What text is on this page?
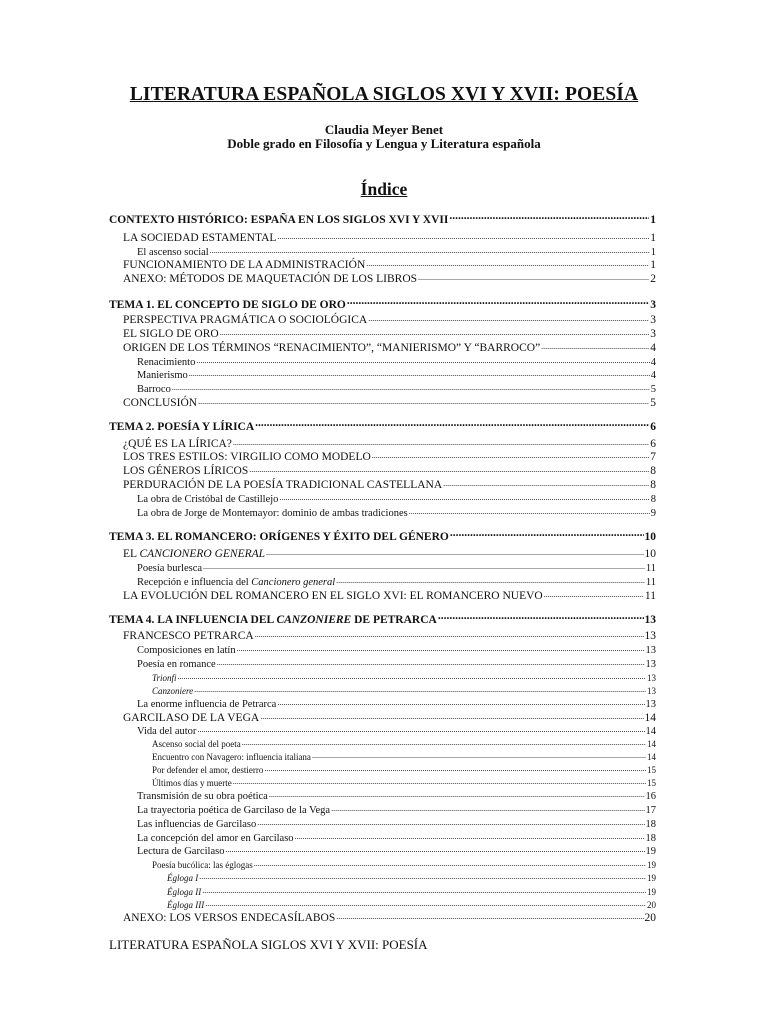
LITERATURA ESPAÑOLA SIGLOS XVI Y XVII: POESÍA
Claudia Meyer Benet
Doble grado en Filosofía y Lengua y Literatura española
Índice
CONTEXTO HISTÓRICO: ESPAÑA EN LOS SIGLOS XVI Y XVII .....	1
LA SOCIEDAD ESTAMENTAL .....	1
El ascenso social .....	1
FUNCIONAMIENTO DE LA ADMINISTRACIÓN .....	1
ANEXO: MÉTODOS DE MAQUETACIÓN DE LOS LIBROS .....	2
TEMA 1. EL CONCEPTO DE SIGLO DE ORO .....	3
PERSPECTIVA PRAGMÁTICA O SOCIOLÓGICA .....	3
EL SIGLO DE ORO .....	3
ORIGEN DE LOS TÉRMINOS “RENACIMIENTO”, “MANIERISMO” Y “BARROCO” .....	4
Renacimiento .....	4
Manierismo .....	4
Barroco .....	5
CONCLUSIÓN .....	5
TEMA 2. POESÍA Y LÍRICA .....	6
¿QUÉ ES LA LÍRICA? .....	6
LOS TRES ESTILOS: VIRGILIO COMO MODELO .....	7
LOS GÉNEROS LÍRICOS .....	8
PERDURACIÓN DE LA POESÍA TRADICIONAL CASTELLANA .....	8
La obra de Cristóbal de Castillejo .....	8
La obra de Jorge de Montemayor: dominio de ambas tradiciones .....	9
TEMA 3. EL ROMANCERO: ORÍGENES Y ÉXITO DEL GÉNERO .....	10
EL CANCIONERO GENERAL .....	10
Poesía burlesca .....	11
Recepción e influencia del Cancionero general .....	11
LA EVOLUCIÓN DEL ROMANCERO EN EL SIGLO XVI: EL ROMANCERO NUEVO .....	11
TEMA 4. LA INFLUENCIA DEL CANZONIERE DE PETRARCA .....	13
FRANCESCO PETRARCA .....	13
Composiciones en latín .....	13
Poesía en romance .....	13
Trionfi .....	13
Canzoniere .....	13
La enorme influencia de Petrarca .....	13
GARCILASO DE LA VEGA .....	14
Vida del autor .....	14
Ascenso social del poeta .....	14
Encuentro con Navagero: influencia italiana .....	14
Por defender el amor, destierro .....	15
Últimos días y muerte .....	15
Transmisión de su obra poética .....	16
La trayectoria poética de Garcilaso de la Vega .....	17
Las influencias de Garcilaso .....	18
La concepción del amor en Garcilaso .....	18
Lectura de Garcilaso .....	19
Poesía bucólica: las églogas .....	19
Égloga I .....	19
Égloga II .....	19
Égloga III .....	20
ANEXO: LOS VERSOS ENDECASÍLABOS .....	20
LITERATURA ESPAÑOLA SIGLOS XVI Y XVII: POESÍA
